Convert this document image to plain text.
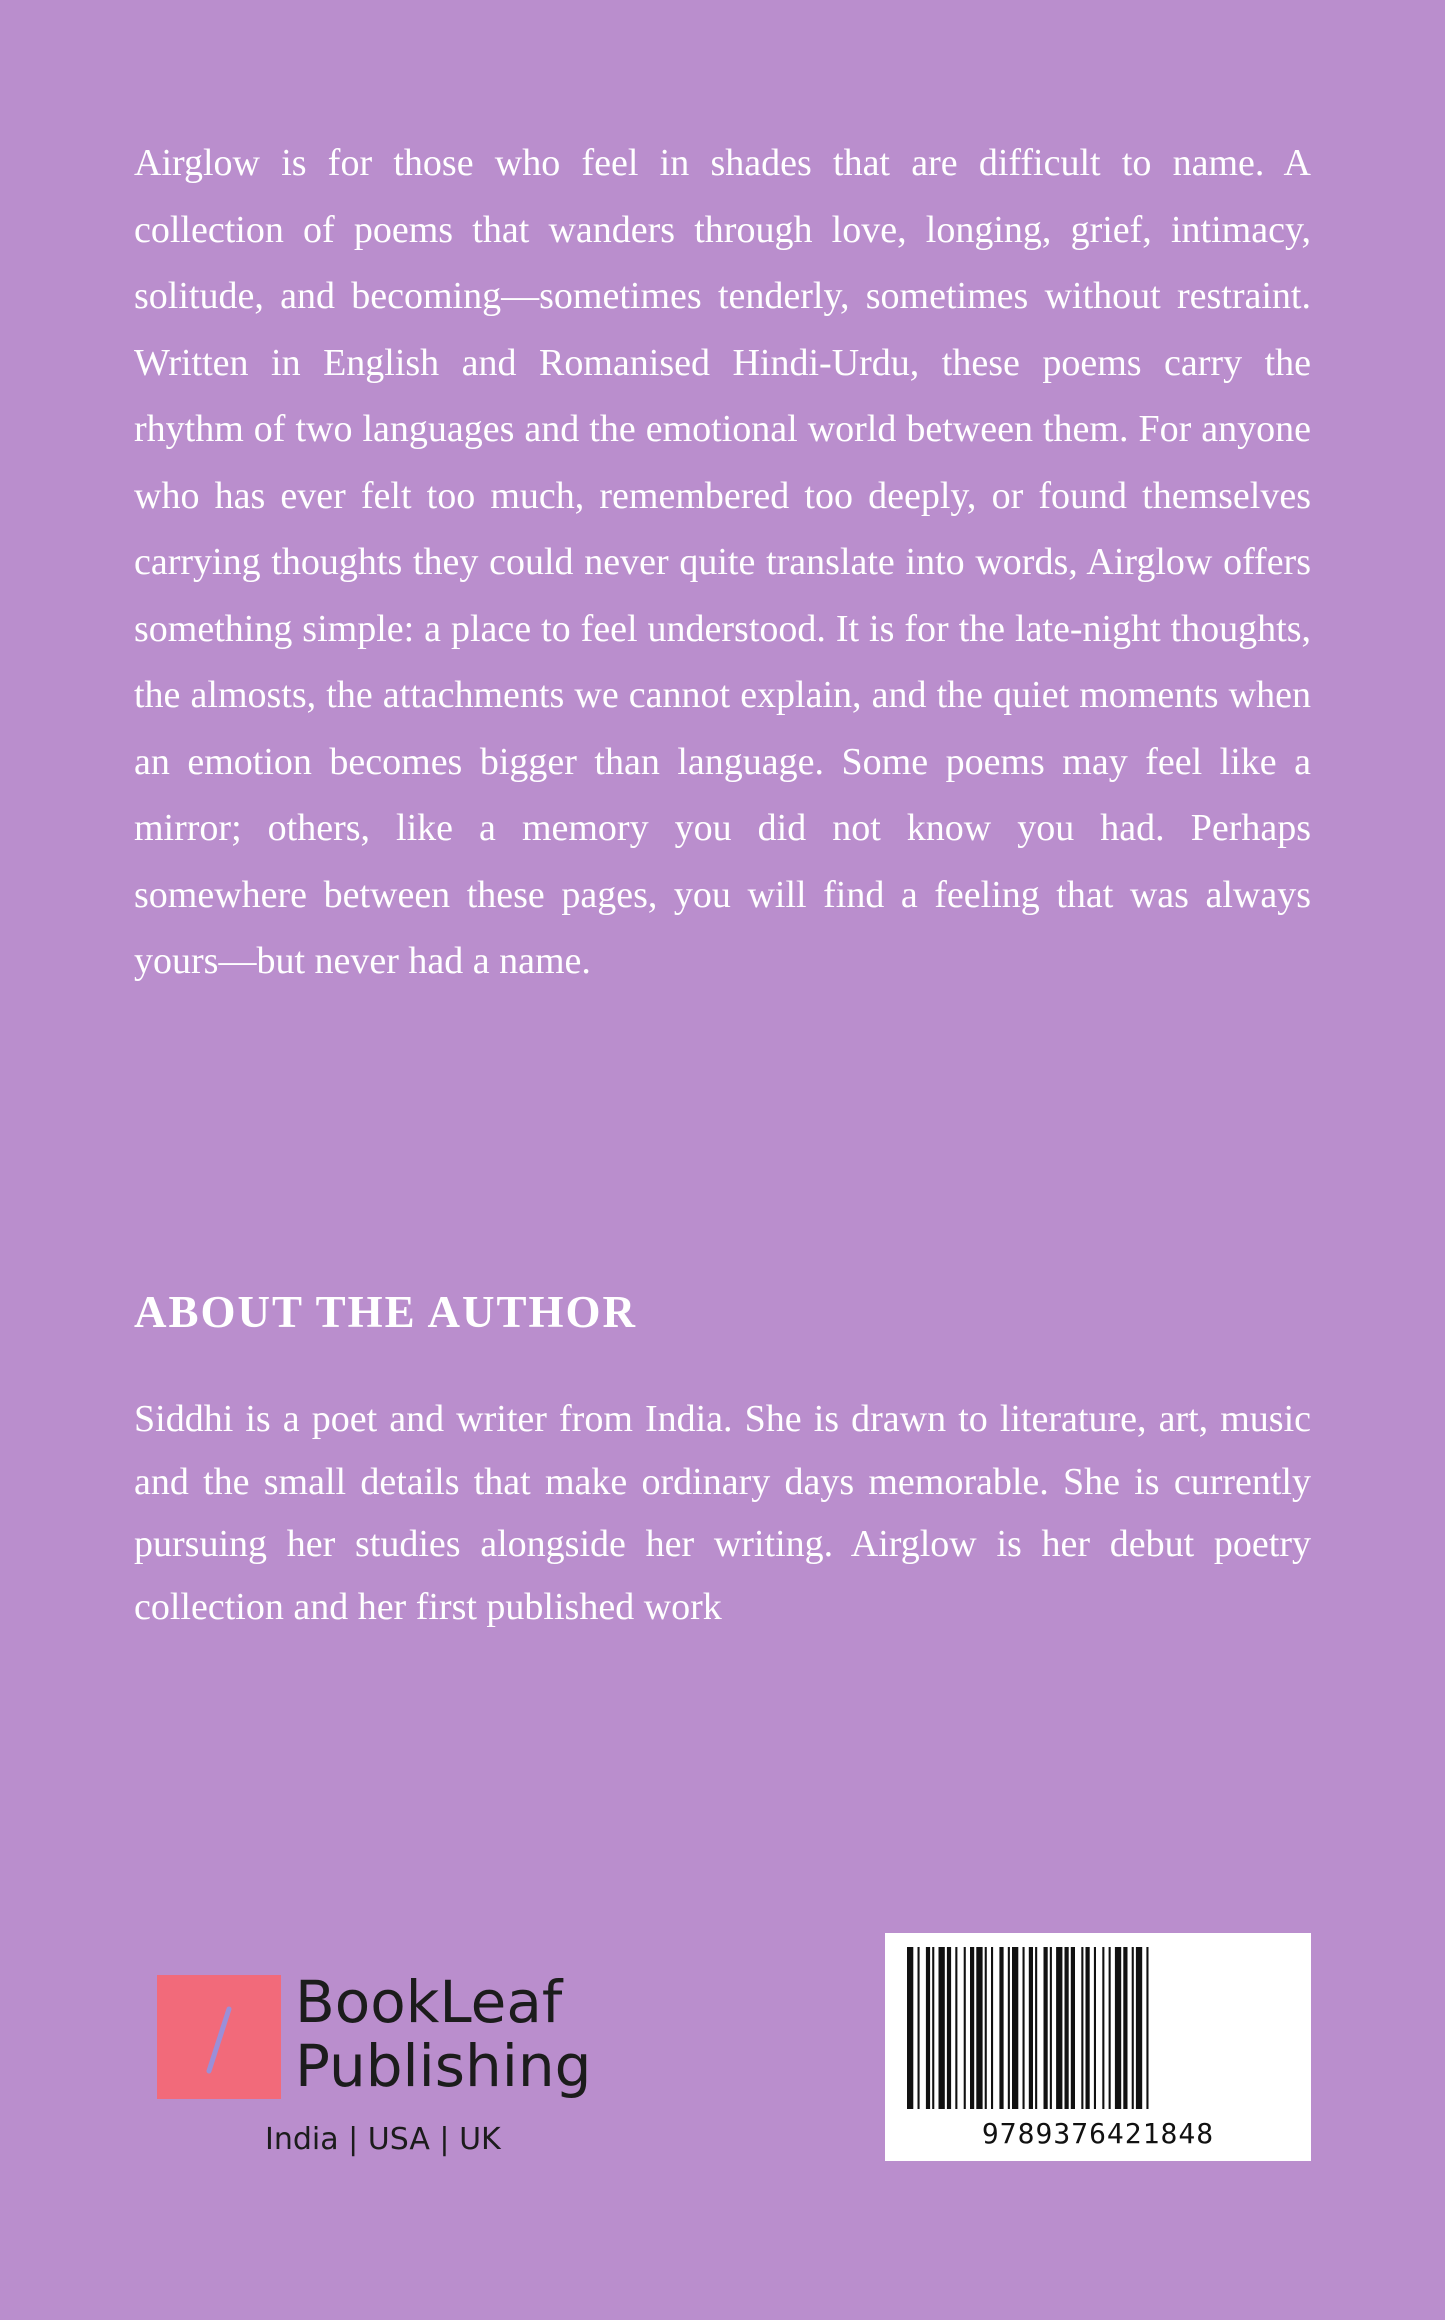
Airglow is for those who feel in shades that are difficult to name. A collection of poems that wanders through love, longing, grief, intimacy, solitude, and becoming—sometimes tenderly, sometimes without restraint. Written in English and Romanised Hindi-Urdu, these poems carry the rhythm of two languages and the emotional world between them. For anyone who has ever felt too much, remembered too deeply, or found themselves carrying thoughts they could never quite translate into words, Airglow offers something simple: a place to feel understood. It is for the late-night thoughts, the almosts, the attachments we cannot explain, and the quiet moments when an emotion becomes bigger than language. Some poems may feel like a mirror; others, like a memory you did not know you had. Perhaps somewhere between these pages, you will find a feeling that was always yours—but never had a name.

ABOUT THE AUTHOR

Siddhi is a poet and writer from India. She is drawn to literature, art, music and the small details that make ordinary days memorable. She is currently pursuing her studies alongside her writing. Airglow is her debut poetry collection and her first published work

BookLeaf
Publishing
India | USA | UK	9789376421848
